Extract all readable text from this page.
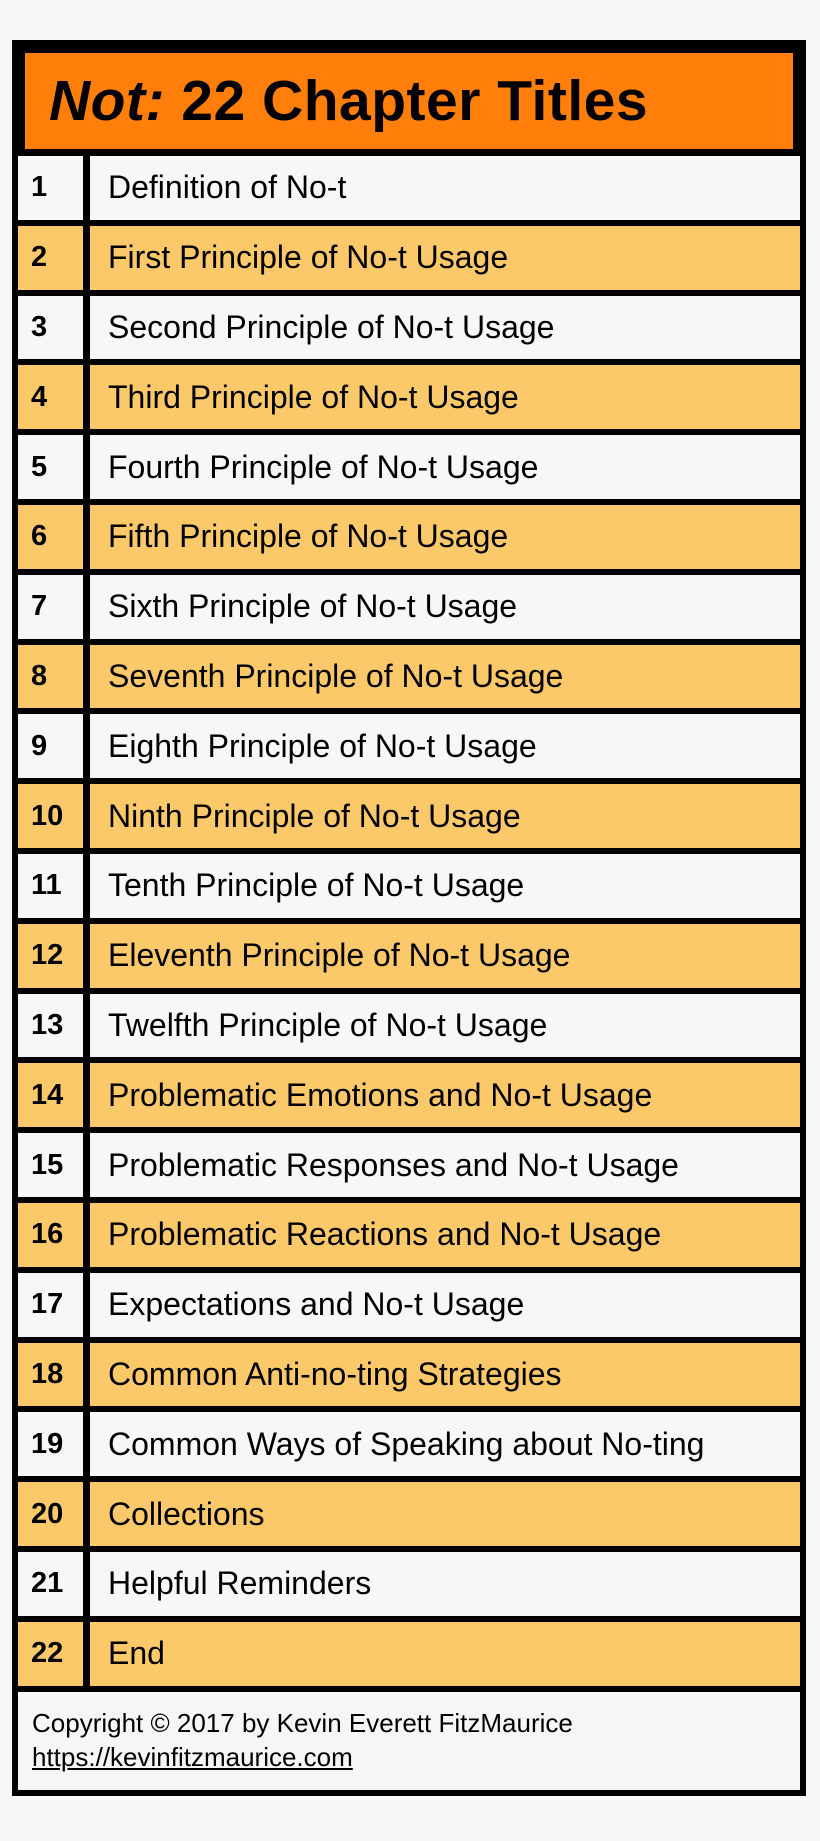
Not: 22 Chapter Titles
1	Definition of No-t
2	First Principle of No-t Usage
3	Second Principle of No-t Usage
4	Third Principle of No-t Usage
5	Fourth Principle of No-t Usage
6	Fifth Principle of No-t Usage
7	Sixth Principle of No-t Usage
8	Seventh Principle of No-t Usage
9	Eighth Principle of No-t Usage
10	Ninth Principle of No-t Usage
11	Tenth Principle of No-t Usage
12	Eleventh Principle of No-t Usage
13	Twelfth Principle of No-t Usage
14	Problematic Emotions and No-t Usage
15	Problematic Responses and No-t Usage
16	Problematic Reactions and No-t Usage
17	Expectations and No-t Usage
18	Common Anti-no-ting Strategies
19	Common Ways of Speaking about No-ting
20	Collections
21	Helpful Reminders
22	End
Copyright © 2017 by Kevin Everett FitzMaurice
https://kevinfitzmaurice.com
